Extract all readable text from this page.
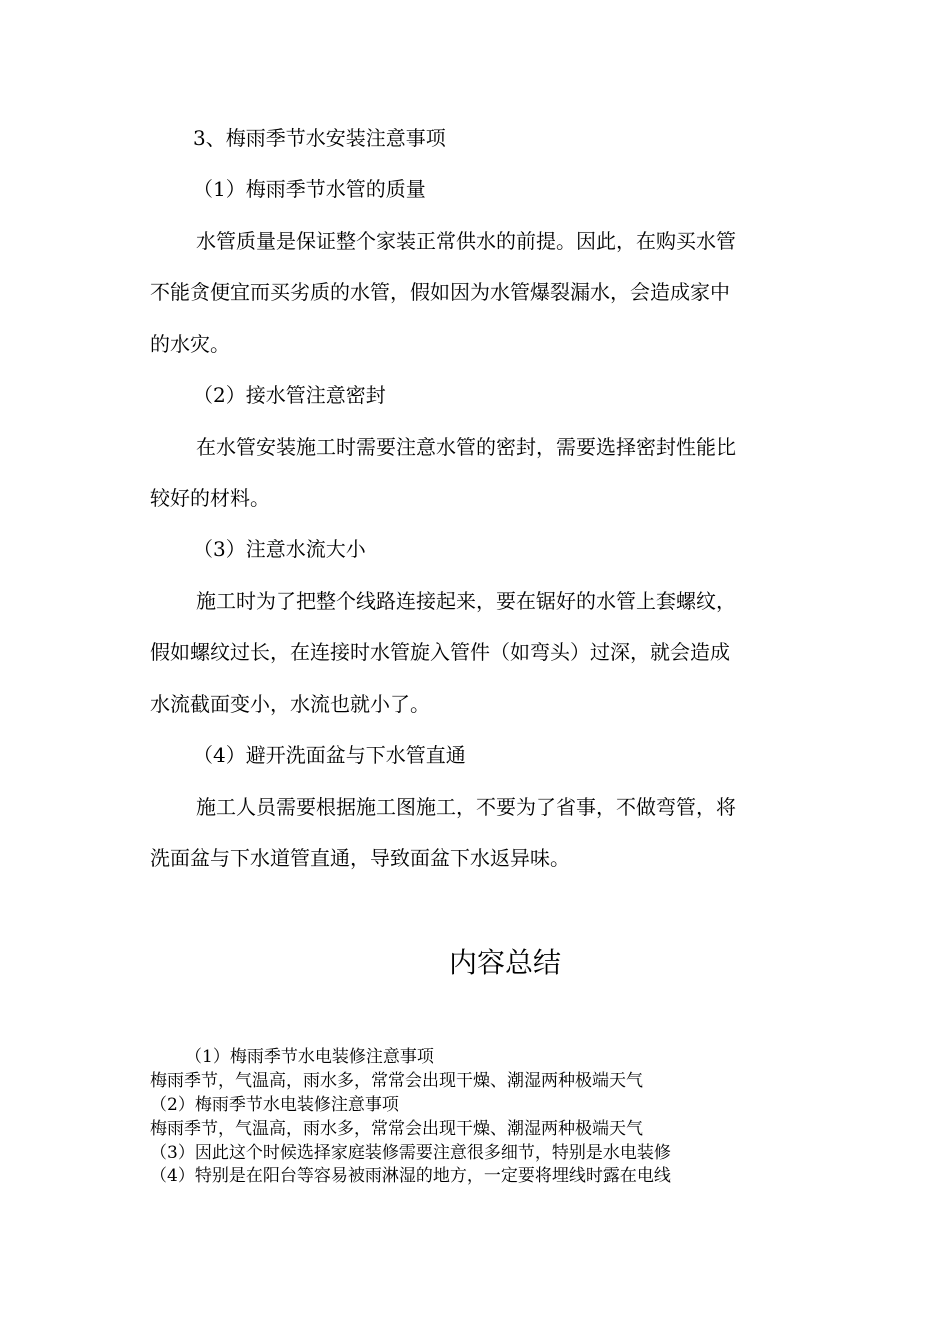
3、梅雨季节水安装注意事项
（1）梅雨季节水管的质量
水管质量是保证整个家装正常供水的前提。因此，在购买水管
不能贪便宜而买劣质的水管，假如因为水管爆裂漏水，会造成家中
的水灾。
（2）接水管注意密封
在水管安装施工时需要注意水管的密封，需要选择密封性能比
较好的材料。
（3）注意水流大小
施工时为了把整个线路连接起来，要在锯好的水管上套螺纹，
假如螺纹过长，在连接时水管旋入管件（如弯头）过深，就会造成
水流截面变小，水流也就小了。
（4）避开洗面盆与下水管直通
施工人员需要根据施工图施工，不要为了省事，不做弯管，将
洗面盆与下水道管直通，导致面盆下水返异味。
内容总结
（1）梅雨季节水电装修注意事项
梅雨季节，气温高，雨水多，常常会出现干燥、潮湿两种极端天气
（2）梅雨季节水电装修注意事项
梅雨季节，气温高，雨水多，常常会出现干燥、潮湿两种极端天气
（3）因此这个时候选择家庭装修需要注意很多细节，特别是水电装修
（4）特别是在阳台等容易被雨淋湿的地方，一定要将埋线时露在电线
